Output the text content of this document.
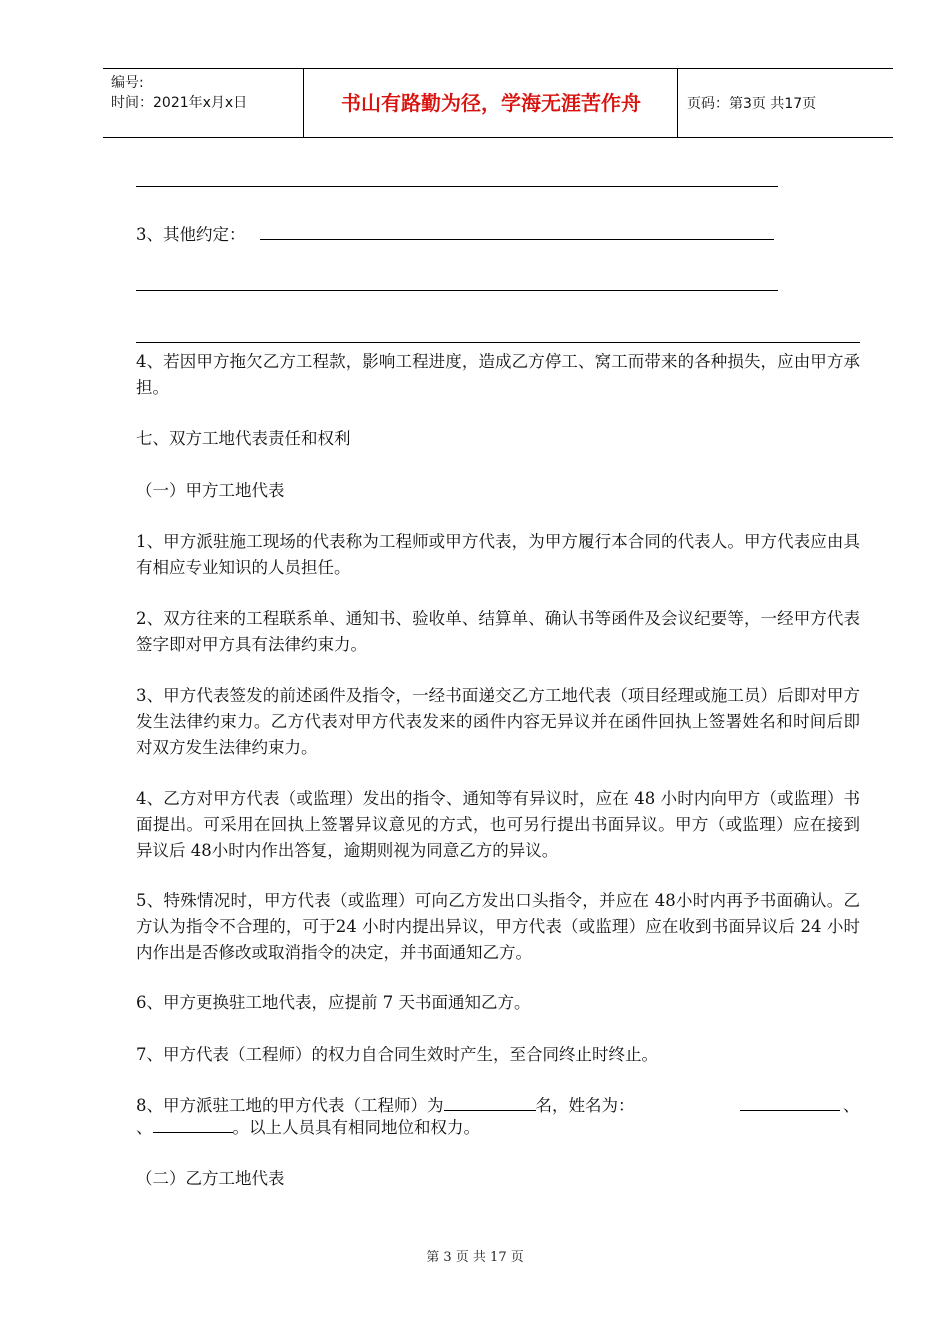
编号:
时间：2021年x月x日	书山有路勤为径，学海无涯苦作舟	页码：第3页 共17页
3、其他约定：
4、若因甲方拖欠乙方工程款，影响工程进度，造成乙方停工、窝工而带来的各种损失，应由甲方承担。
七、双方工地代表责任和权利
（一）甲方工地代表
1、甲方派驻施工现场的代表称为工程师或甲方代表，为甲方履行本合同的代表人。甲方代表应由具有相应专业知识的人员担任。
2、双方往来的工程联系单、通知书、验收单、结算单、确认书等函件及会议纪要等，一经甲方代表签字即对甲方具有法律约束力。
3、甲方代表签发的前述函件及指令，一经书面递交乙方工地代表（项目经理或施工员）后即对甲方发生法律约束力。乙方代表对甲方代表发来的函件内容无异议并在函件回执上签署姓名和时间后即对双方发生法律约束力。
4、乙方对甲方代表（或监理）发出的指令、通知等有异议时，应在 48 小时内向甲方（或监理）书面提出。可采用在回执上签署异议意见的方式，也可另行提出书面异议。甲方（或监理）应在接到异议后 48小时内作出答复，逾期则视为同意乙方的异议。
5、特殊情况时，甲方代表（或监理）可向乙方发出口头指令，并应在 48小时内再予书面确认。乙方认为指令不合理的，可于24 小时内提出异议，甲方代表（或监理）应在收到书面异议后 24 小时内作出是否修改或取消指令的决定，并书面通知乙方。
6、甲方更换驻工地代表，应提前 7 天书面通知乙方。
7、甲方代表（工程师）的权力自合同生效时产生，至合同终止时终止。
8、甲方派驻工地的甲方代表（工程师）为	名，姓名为：	、
、	。以上人员具有相同地位和权力。
（二）乙方工地代表
第 3 页 共 17 页
